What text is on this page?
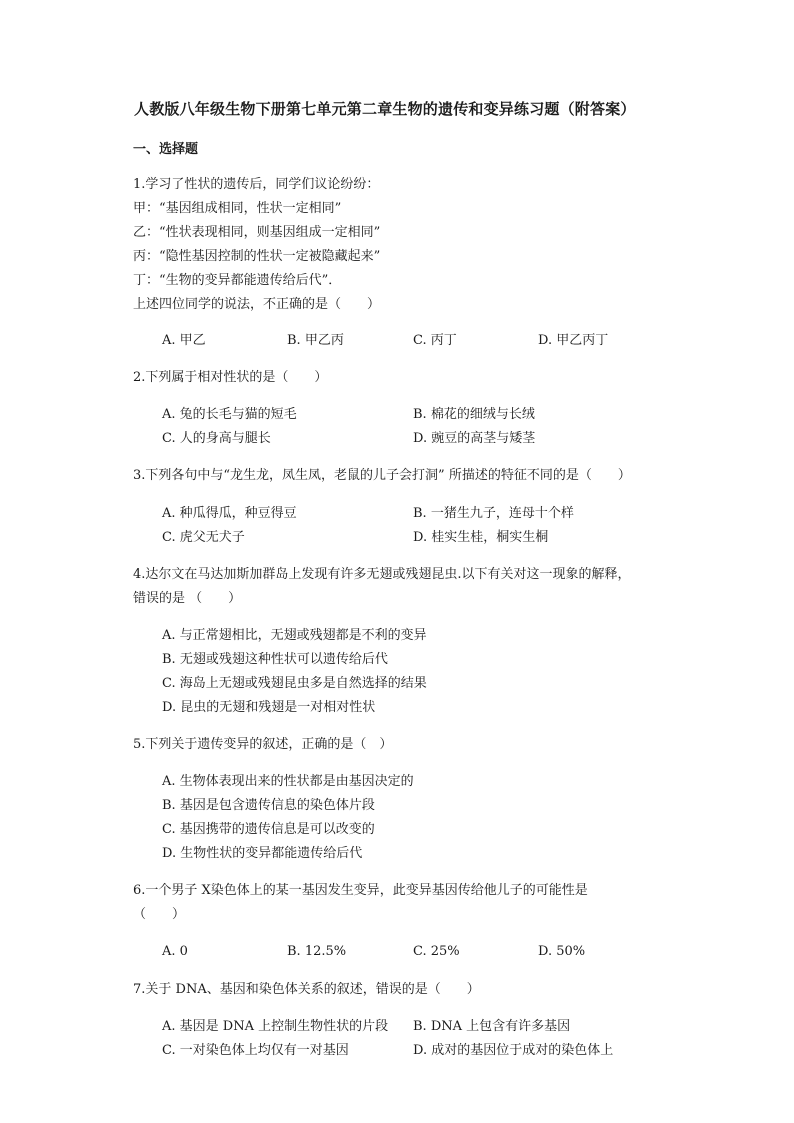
人教版八年级生物下册第七单元第二章生物的遗传和变异练习题（附答案）
一、选择题
1.学习了性状的遗传后，同学们议论纷纷：
甲：“基因组成相同，性状一定相同”
乙：“性状表现相同，则基因组成一定相同”
丙：“隐性基因控制的性状一定被隐藏起来”
丁：“生物的变异都能遗传给后代”．
上述四位同学的说法，不正确的是（　　）
A. 甲乙	B. 甲乙丙	C. 丙丁	D. 甲乙丙丁
2.下列属于相对性状的是（　　）
A. 兔的长毛与猫的短毛	B. 棉花的细绒与长绒
C. 人的身高与腿长	D. 豌豆的高茎与矮茎
3.下列各句中与“龙生龙，凤生凤，老鼠的儿子会打洞” 所描述的特征不同的是（　　）
A. 种瓜得瓜，种豆得豆	B. 一猪生九子，连母十个样
C. 虎父无犬子	D. 桂实生桂，桐实生桐
4.达尔文在马达加斯加群岛上发现有许多无翅或残翅昆虫.以下有关对这一现象的解释，
错误的是 （　　）
A. 与正常翅相比，无翅或残翅都是不利的变异
B. 无翅或残翅这种性状可以遗传给后代
C. 海岛上无翅或残翅昆虫多是自然选择的结果
D. 昆虫的无翅和残翅是一对相对性状
5.下列关于遗传变异的叙述，正确的是（　）
A. 生物体表现出来的性状都是由基因决定的
B. 基因是包含遗传信息的染色体片段
C. 基因携带的遗传信息是可以改变的
D. 生物性状的变异都能遗传给后代
6.一个男子 X染色体上的某一基因发生变异，此变异基因传给他儿子的可能性是
（　　）
A. 0	B. 12.5%	C. 25%	D. 50%
7.关于 DNA、基因和染色体关系的叙述，错误的是（　　）
A. 基因是 DNA 上控制生物性状的片段 B. DNA 上包含有许多基因
C. 一对染色体上均仅有一对基因	D. 成对的基因位于成对的染色体上
